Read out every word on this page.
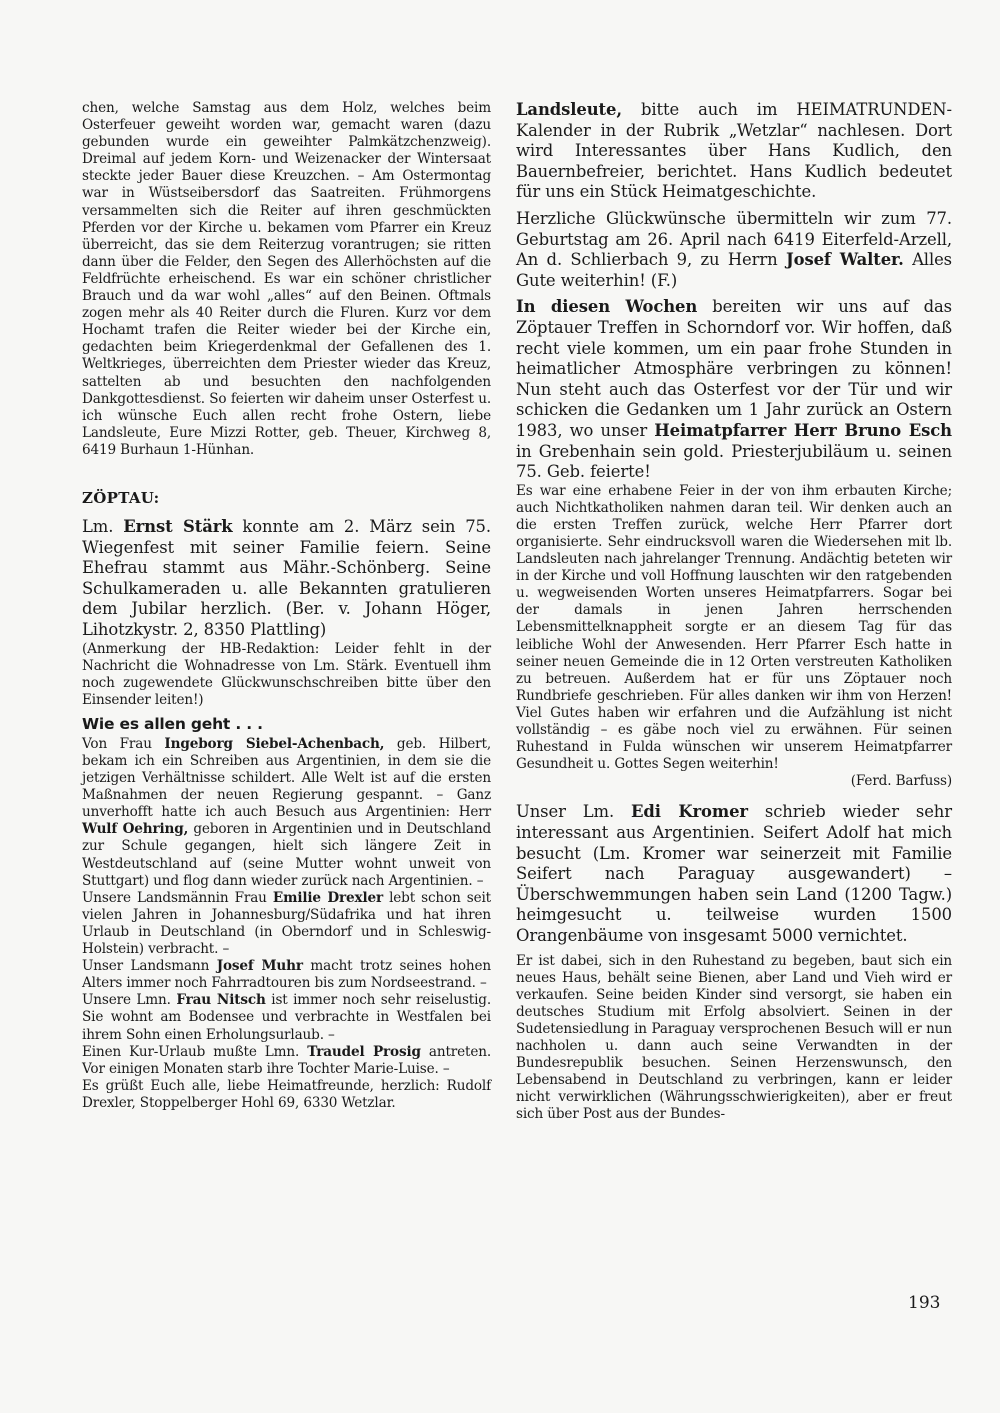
chen, welche Samstag aus dem Holz, welches beim Osterfeuer geweiht worden war, gemacht waren (dazu gebunden wurde ein geweihter Palmkätzchenzweig). Dreimal auf jedem Korn- und Weizenacker der Wintersaat steckte jeder Bauer diese Kreuzchen. – Am Ostermontag war in Wüstseibersdorf das Saatreiten. Frühmorgens versammelten sich die Reiter auf ihren geschmückten Pferden vor der Kirche u. bekamen vom Pfarrer ein Kreuz überreicht, das sie dem Reiterzug vorantrugen; sie ritten dann über die Felder, den Segen des Allerhöchsten auf die Feldfrüchte erheischend. Es war ein schöner christlicher Brauch und da war wohl „alles“ auf den Beinen. Oftmals zogen mehr als 40 Reiter durch die Fluren. Kurz vor dem Hochamt trafen die Reiter wieder bei der Kirche ein, gedachten beim Kriegerdenkmal der Gefallenen des 1. Weltkrieges, überreichten dem Priester wieder das Kreuz, sattelten ab und besuchten den nachfolgenden Dankgottesdienst. So feierten wir daheim unser Osterfest u. ich wünsche Euch allen recht frohe Ostern, liebe Landsleute, Eure Mizzi Rotter, geb. Theuer, Kirchweg 8, 6419 Burhaun 1-Hünhan.

ZÖPTAU:

Lm. Ernst Stärk konnte am 2. März sein 75. Wiegenfest mit seiner Familie feiern. Seine Ehefrau stammt aus Mähr.-Schönberg. Seine Schulkameraden u. alle Bekannten gratulieren dem Jubilar herzlich. (Ber. v. Johann Höger, Lihotzkystr. 2, 8350 Plattling)

(Anmerkung der HB-Redaktion: Leider fehlt in der Nachricht die Wohnadresse von Lm. Stärk. Eventuell ihm noch zugewendete Glückwunschschreiben bitte über den Einsender leiten!)

Wie es allen geht . . .

Von Frau Ingeborg Siebel-Achenbach, geb. Hilbert, bekam ich ein Schreiben aus Argentinien, in dem sie die jetzigen Verhältnisse schildert. Alle Welt ist auf die ersten Maßnahmen der neuen Regierung gespannt. – Ganz unverhofft hatte ich auch Besuch aus Argentinien: Herr Wulf Oehring, geboren in Argentinien und in Deutschland zur Schule gegangen, hielt sich längere Zeit in Westdeutschland auf (seine Mutter wohnt unweit von Stuttgart) und flog dann wieder zurück nach Argentinien. –

Unsere Landsmännin Frau Emilie Drexler lebt schon seit vielen Jahren in Johannesburg/Südafrika und hat ihren Urlaub in Deutschland (in Oberndorf und in Schleswig-Holstein) verbracht. –

Unser Landsmann Josef Muhr macht trotz seines hohen Alters immer noch Fahrradtouren bis zum Nordseestrand. –

Unsere Lmn. Frau Nitsch ist immer noch sehr reiselustig. Sie wohnt am Bodensee und verbrachte in Westfalen bei ihrem Sohn einen Erholungsurlaub. –

Einen Kur-Urlaub mußte Lmn. Traudel Prosig antreten. Vor einigen Monaten starb ihre Tochter Marie-Luise. –

Es grüßt Euch alle, liebe Heimatfreunde, herzlich: Rudolf Drexler, Stoppelberger Hohl 69, 6330 Wetzlar.

Landsleute, bitte auch im HEIMATRUNDEN-Kalender in der Rubrik „Wetzlar“ nachlesen. Dort wird Interessantes über Hans Kudlich, den Bauernbefreier, berichtet. Hans Kudlich bedeutet für uns ein Stück Heimatgeschichte.

Herzliche Glückwünsche übermitteln wir zum 77. Geburtstag am 26. April nach 6419 Eiterfeld-Arzell, An d. Schlierbach 9, zu Herrn Josef Walter. Alles Gute weiterhin! (F.)

In diesen Wochen bereiten wir uns auf das Zöptauer Treffen in Schorndorf vor. Wir hoffen, daß recht viele kommen, um ein paar frohe Stunden in heimatlicher Atmosphäre verbringen zu können! Nun steht auch das Osterfest vor der Tür und wir schicken die Gedanken um 1 Jahr zurück an Ostern 1983, wo unser Heimatpfarrer Herr Bruno Esch in Grebenhain sein gold. Priesterjubiläum u. seinen 75. Geb. feierte!

Es war eine erhabene Feier in der von ihm erbauten Kirche; auch Nichtkatholiken nahmen daran teil. Wir denken auch an die ersten Treffen zurück, welche Herr Pfarrer dort organisierte. Sehr eindrucksvoll waren die Wiedersehen mit lb. Landsleuten nach jahrelanger Trennung. Andächtig beteten wir in der Kirche und voll Hoffnung lauschten wir den ratgebenden u. wegweisenden Worten unseres Heimatpfarrers. Sogar bei der damals in jenen Jahren herrschenden Lebensmittelknappheit sorgte er an diesem Tag für das leibliche Wohl der Anwesenden. Herr Pfarrer Esch hatte in seiner neuen Gemeinde die in 12 Orten verstreuten Katholiken zu betreuen. Außerdem hat er für uns Zöptauer noch Rundbriefe geschrieben. Für alles danken wir ihm von Herzen! Viel Gutes haben wir erfahren und die Aufzählung ist nicht vollständig – es gäbe noch viel zu erwähnen. Für seinen Ruhestand in Fulda wünschen wir unserem Heimatpfarrer Gesundheit u. Gottes Segen weiterhin!

(Ferd. Barfuss)

Unser Lm. Edi Kromer schrieb wieder sehr interessant aus Argentinien. Seifert Adolf hat mich besucht (Lm. Kromer war seinerzeit mit Familie Seifert nach Paraguay ausgewandert) – Überschwemmungen haben sein Land (1200 Tagw.) heimgesucht u. teilweise wurden 1500 Orangenbäume von insgesamt 5000 vernichtet.

Er ist dabei, sich in den Ruhestand zu begeben, baut sich ein neues Haus, behält seine Bienen, aber Land und Vieh wird er verkaufen. Seine beiden Kinder sind versorgt, sie haben ein deutsches Studium mit Erfolg absolviert. Seinen in der Sudetensiedlung in Paraguay versprochenen Besuch will er nun nachholen u. dann auch seine Verwandten in der Bundesrepublik besuchen. Seinen Herzenswunsch, den Lebensabend in Deutschland zu verbringen, kann er leider nicht verwirklichen (Währungsschwierigkeiten), aber er freut sich über Post aus der Bundes-

193
